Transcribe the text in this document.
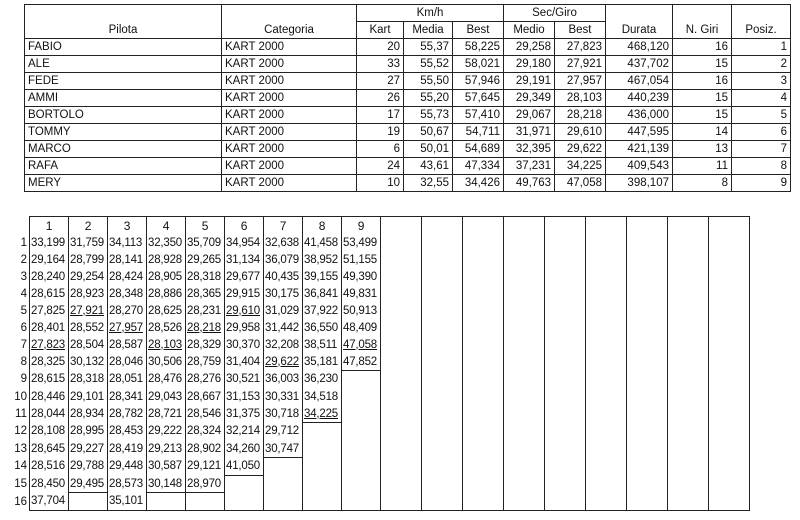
		Km/h			Sec/Giro				
Pilota	Categoria	Kart	Media	Best	Medio	Best	Durata	N. Giri	Posiz.
FABIO	KART 2000	20	55,37	58,225	29,258	27,823	468,120	16	1
ALE	KART 2000	33	55,52	58,021	29,180	27,921	437,702	15	2
FEDE	KART 2000	27	55,50	57,946	29,191	27,957	467,054	16	3
AMMI	KART 2000	26	55,20	57,645	29,349	28,103	440,239	15	4
BORTOLO	KART 2000	17	55,73	57,410	29,067	28,218	436,000	15	5
TOMMY	KART 2000	19	50,67	54,711	31,971	29,610	447,595	14	6
MARCO	KART 2000	6	50,01	54,689	32,395	29,622	421,139	13	7
RAFA	KART 2000	24	43,61	47,334	37,231	34,225	409,543	11	8
MERY	KART 2000	10	32,55	34,426	49,763	47,058	398,107	8	9
	1	2	3	4	5	6	7	8	9									
1	33,199	31,759	34,113	32,350	35,709	34,954	32,638	41,458	53,499									
2	29,164	28,799	28,141	28,928	29,265	31,134	36,079	38,952	51,155									
3	28,240	29,254	28,424	28,905	28,318	29,677	40,435	39,155	49,390									
4	28,615	28,923	28,348	28,886	28,365	29,915	30,175	36,841	49,831									
5	27,825	27,921	28,270	28,625	28,231	29,610	31,029	37,922	50,913									
6	28,401	28,552	27,957	28,526	28,218	29,958	31,442	36,550	48,409									
7	27,823	28,504	28,587	28,103	28,329	30,370	32,208	38,511	47,058									
8	28,325	30,132	28,046	30,506	28,759	31,404	29,622	35,181	47,852									
9	28,615	28,318	28,051	28,476	28,276	30,521	36,003	36,230										
10	28,446	29,101	28,341	29,043	28,667	31,153	30,331	34,518										
11	28,044	28,934	28,782	28,721	28,546	31,375	30,718	34,225										
12	28,108	28,995	28,453	29,222	28,324	32,214	29,712											
13	28,645	29,227	28,419	29,213	28,902	34,260	30,747											
14	28,516	29,788	29,448	30,587	29,121	41,050												
15	28,450	29,495	28,573	30,148	28,970													
16	37,704		35,101															
